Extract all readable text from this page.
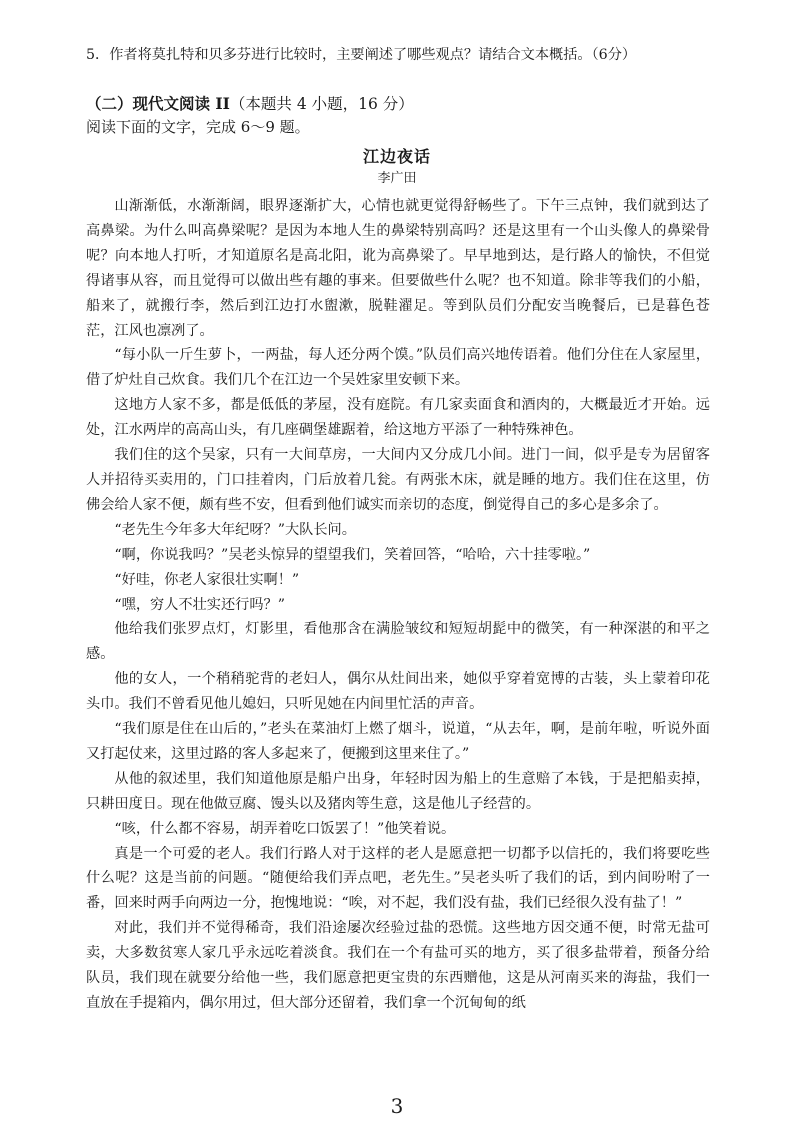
5．作者将莫扎特和贝多芬进行比较时，主要阐述了哪些观点？请结合文本概括。（6分）
（二）现代文阅读 II（本题共 4 小题，16 分）
阅读下面的文字，完成 6～9 题。
江边夜话
李广田

山渐渐低，水渐渐阔，眼界逐渐扩大，心情也就更觉得舒畅些了。下午三点钟，我们就到达了高鼻梁。为什么叫高鼻梁呢？是因为本地人生的鼻梁特别高吗？还是这里有一个山头像人的鼻梁骨呢？向本地人打听，才知道原名是高北阳，讹为高鼻梁了。早早地到达，是行路人的愉快，不但觉得诸事从容，而且觉得可以做出些有趣的事来。但要做些什么呢？也不知道。除非等我们的小船，船来了，就搬行李，然后到江边打水盥漱，脱鞋濯足。等到队员们分配安当晚餐后，已是暮色苍茫，江风也凛冽了。

“每小队一斤生萝卜，一两盐，每人还分两个馍。”队员们高兴地传语着。他们分住在人家屋里，借了炉灶自己炊食。我们几个在江边一个吴姓家里安顿下来。

这地方人家不多，都是低低的茅屋，没有庭院。有几家卖面食和酒肉的，大概最近才开始。远处，江水两岸的高高山头，有几座碉堡雄踞着，给这地方平添了一种特殊神色。

我们住的这个吴家，只有一大间草房，一大间内又分成几小间。进门一间，似乎是专为居留客人并招待买卖用的，门口挂着肉，门后放着几瓮。有两张木床，就是睡的地方。我们住在这里，仿佛会给人家不便，颇有些不安，但看到他们诚实而亲切的态度，倒觉得自己的多心是多余了。

“老先生今年多大年纪呀？”大队长问。

“啊，你说我吗？”吴老头惊异的望望我们，笑着回答，“哈哈，六十挂零啦。”

“好哇，你老人家很壮实啊！”

“嘿，穷人不壮实还行吗？”

他给我们张罗点灯，灯影里，看他那含在满脸皱纹和短短胡髭中的微笑，有一种深湛的和平之感。

他的女人，一个稍稍驼背的老妇人，偶尔从灶间出来，她似乎穿着宽博的古装，头上蒙着印花头巾。我们不曾看见他儿媳妇，只听见她在内间里忙活的声音。

“我们原是住在山后的，”老头在菜油灯上燃了烟斗，说道，“从去年，啊，是前年啦，听说外面又打起仗来，这里过路的客人多起来了，便搬到这里来住了。”

从他的叙述里，我们知道他原是船户出身，年轻时因为船上的生意赔了本钱，于是把船卖掉，只耕田度日。现在他做豆腐、馒头以及猪肉等生意，这是他儿子经营的。

“咳，什么都不容易，胡弄着吃口饭罢了！”他笑着说。

真是一个可爱的老人。我们行路人对于这样的老人是愿意把一切都予以信托的，我们将要吃些什么呢？这是当前的问题。“随便给我们弄点吧，老先生。”吴老头听了我们的话，到内间吩咐了一番，回来时两手向两边一分，抱愧地说：“唉，对不起，我们没有盐，我们已经很久没有盐了！”

对此，我们并不觉得稀奇，我们沿途屡次经验过盐的恐慌。这些地方因交通不便，时常无盐可卖，大多数贫寒人家几乎永远吃着淡食。我们在一个有盐可买的地方，买了很多盐带着，预备分给队员，我们现在就要分给他一些，我们愿意把更宝贵的东西赠他，这是从河南买来的海盐，我们一直放在手提箱内，偶尔用过，但大部分还留着，我们拿一个沉甸甸的纸

3
